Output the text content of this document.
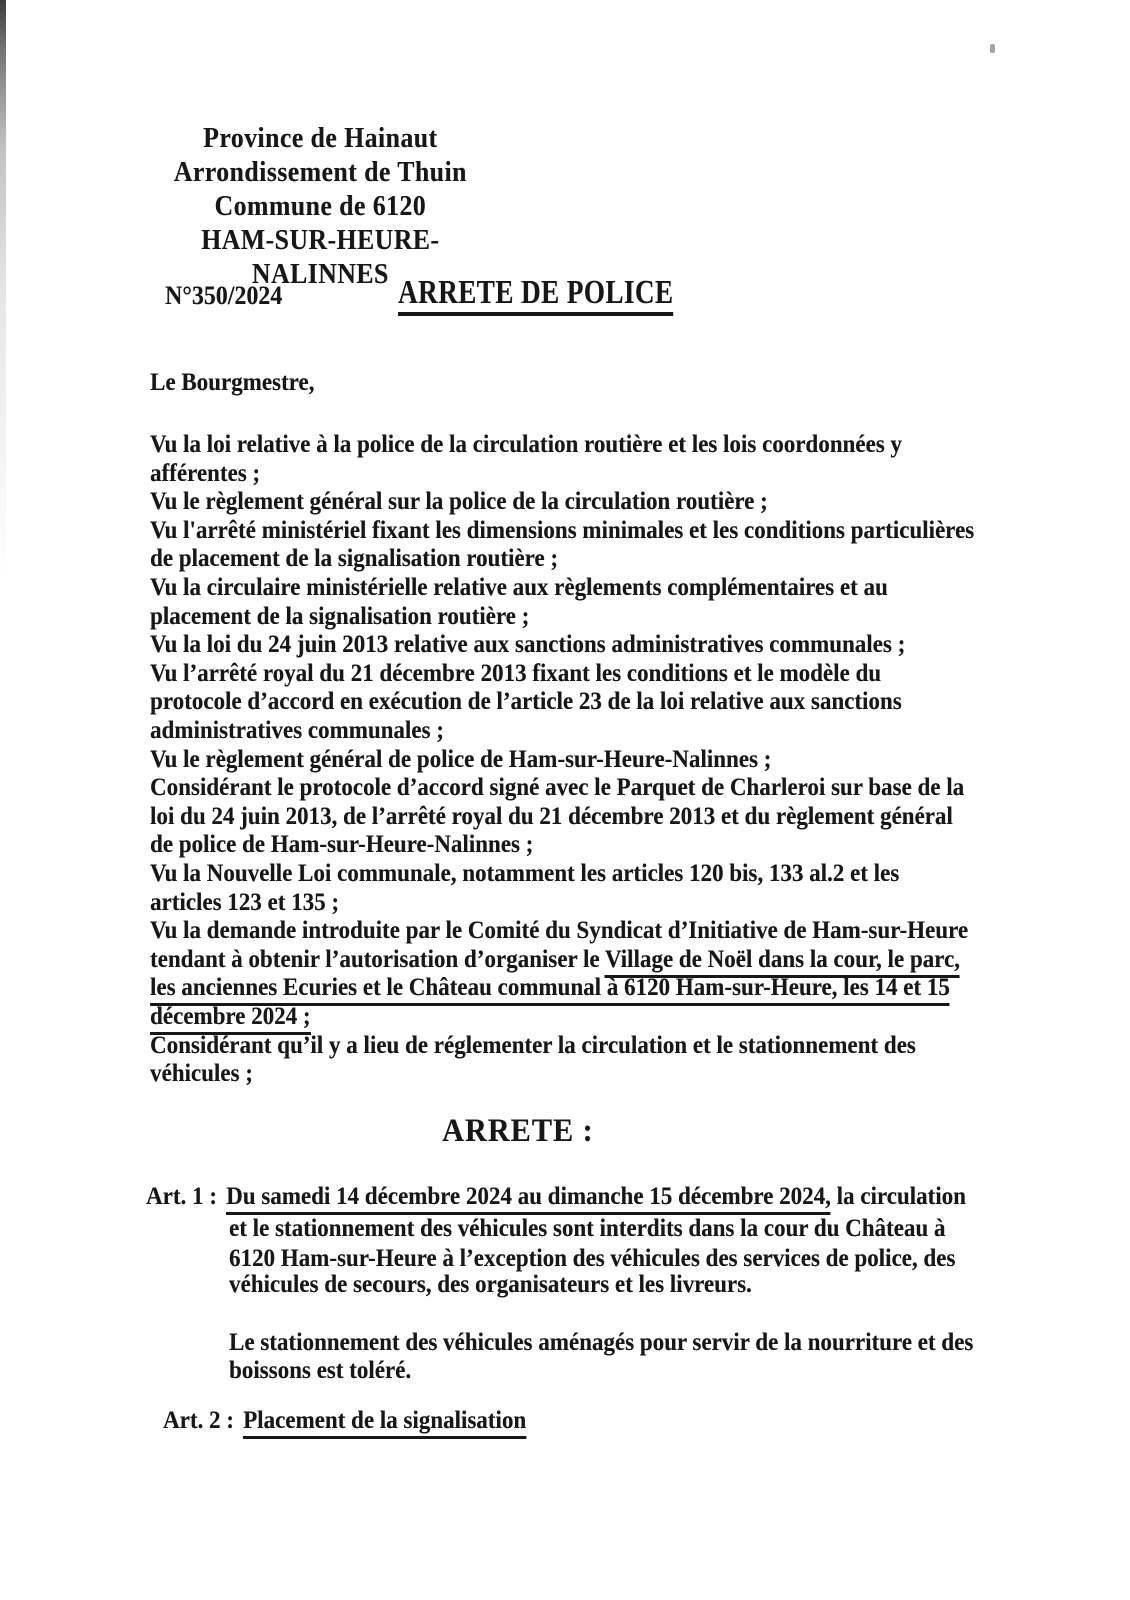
Province de Hainaut
Arrondissement de Thuin
Commune de 6120
HAM-SUR-HEURE-NALINNES
N°350/2024	ARRETE DE POLICE
Le Bourgmestre,
Vu la loi relative à la police de la circulation routière et les lois coordonnées y
afférentes ;
Vu le règlement général sur la police de la circulation routière ;
Vu l'arrêté ministériel fixant les dimensions minimales et les conditions particulières
de placement de la signalisation routière ;
Vu la circulaire ministérielle relative aux règlements complémentaires et au
placement de la signalisation routière ;
Vu la loi du 24 juin 2013 relative aux sanctions administratives communales ;
Vu l’arrêté royal du 21 décembre 2013 fixant les conditions et le modèle du
protocole d’accord en exécution de l’article 23 de la loi relative aux sanctions
administratives communales ;
Vu le règlement général de police de Ham-sur-Heure-Nalinnes ;
Considérant le protocole d’accord signé avec le Parquet de Charleroi sur base de la
loi du 24 juin 2013, de l’arrêté royal du 21 décembre 2013 et du règlement général
de police de Ham-sur-Heure-Nalinnes ;
Vu la Nouvelle Loi communale, notamment les articles 120 bis, 133 al.2 et les
articles 123 et 135 ;
Vu la demande introduite par le Comité du Syndicat d’Initiative de Ham-sur-Heure
tendant à obtenir l’autorisation d’organiser le Village de Noël dans la cour, le parc,
les anciennes Ecuries et le Château communal à 6120 Ham-sur-Heure, les 14 et 15
décembre 2024 ;
Considérant qu’il y a lieu de réglementer la circulation et le stationnement des
véhicules ;
ARRETE :
Art. 1 : Du samedi 14 décembre 2024 au dimanche 15 décembre 2024, la circulation
et le stationnement des véhicules sont interdits dans la cour du Château à
6120 Ham-sur-Heure à l’exception des véhicules des services de police, des
véhicules de secours, des organisateurs et les livreurs.
Le stationnement des véhicules aménagés pour servir de la nourriture et des
boissons est toléré.
Art. 2 : Placement de la signalisation
